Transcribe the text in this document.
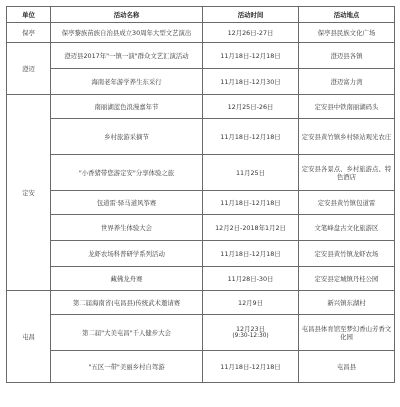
单位	活动名称	活动时间	活动地点
保亭	保亭黎族苗族自治县成立30周年大型文艺演出	12月26日-27日	保亭县民族文化广场
澄迈	澄迈县2017年"一镇一演"群众文艺汇演活动	11月18日-12月18日	澄迈县各镇
	海南老年游学养生东采行	11月18日-12月30日	澄迈富力湾
定安	南丽湖蓝色浪漫嘉年节	12月25日-26日	定安县中铁南丽湖码头
	乡村旅游采摘节	11月18日-12月18日	定安县黄竹镇乡村驿站观光农庄
	"小香猪带您游定安"分享体验之旅	11月25日	定安县各景点、乡村旅游点、特色酒店
	包道雷·驿马道风筝赛	11月18日-12月18日	定安县黄竹镇包道雷
	世界养生体验大会	12月2日-2018年1月2日	文笔峰盘古文化旅游区
	龙虾农场科普研学系列活动	11月18日-12月18日	定安县黄竹镇龙虾农场
	藏佛龙舟赛	11月28日-30日	定安县定城镇丹桂公园
屯昌	第二届海南省(屯昌县)传统武术邀请赛	12月9日	新兴镇东湖村
	第二届"大美屯昌"千人健步大会	12月23日
(9:30-12:30)	屯昌县体育馆至梦幻香山芳香文化园
	"五区一带"美丽乡村自驾游	11月18日-12月18日	屯昌县
